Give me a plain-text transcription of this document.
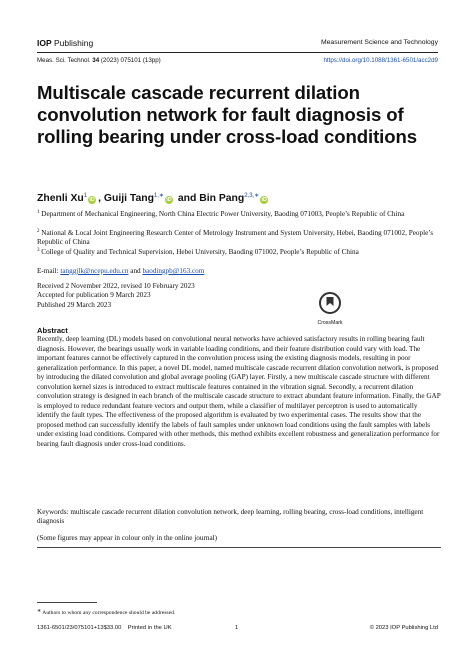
IOP Publishing	Measurement Science and Technology
Meas. Sci. Technol. 34 (2023) 075101 (13pp)	https://doi.org/10.1088/1361-6501/acc2d9
Multiscale cascade recurrent dilation convolution network for fault diagnosis of rolling bearing under cross-load conditions
Zhenli Xu$^1$iD , Guiji Tang$^{1,∗}$iD and Bin Pang$^{2,3,∗}$iD
$^1$ Department of Mechanical Engineering, North China Electric Power University, Baoding 071003, People’s Republic of China
$^2$ National & Local Joint Engineering Research Center of Metrology Instrument and System University, Hebei, Baoding 071002, People’s Republic of China
$^3$ College of Quality and Technical Supervision, Hebei University, Baoding 071002, People’s Republic of China
E-mail: tanggjlk@ncepu.edu.cn and baodingpb@163.com
Received 2 November 2022, revised 10 February 2023
Accepted for publication 9 March 2023
Published 29 March 2023
CrossMark
Abstract

Recently, deep learning (DL) models based on convolutional neural networks have achieved satisfactory results in rolling bearing fault diagnosis. However, the bearings usually work in variable loading conditions, and their feature distribution could vary with load. The important features cannot be effectively captured in the convolution process using the existing diagnosis models, resulting in poor generalization performance. In this paper, a novel DL model, named multiscale cascade recurrent dilation convolution network, is proposed by introducing the dilated convolution and global average pooling (GAP) layer. Firstly, a new multiscale cascade structure with different convolution kernel sizes is introduced to extract multiscale features contained in the vibration signal. Secondly, a recurrent dilation convolution strategy is designed in each branch of the multiscale cascade structure to extract abundant feature information. Finally, the GAP is employed to reduce redundant feature vectors and output them, while a classifier of multilayer perceptron is used to automatically identify the fault types. The effectiveness of the proposed algorithm is evaluated by two experimental cases. The results show that the proposed method can successfully identify the labels of fault samples under unknown load conditions using the fault samples with labels under existing load conditions. Compared with other methods, this method exhibits excellent robustness and generalization performance for bearing fault diagnosis under cross-load conditions.

Keywords: multiscale cascade recurrent dilation convolution network, deep learning, rolling bearing, cross-load conditions, intelligent diagnosis

(Some figures may appear in colour only in the online journal)
∗ Authors to whom any correspondence should be addressed.
1361-6501/23/075101+13$33.00    Printed in the UK	1	© 2023 IOP Publishing Ltd
